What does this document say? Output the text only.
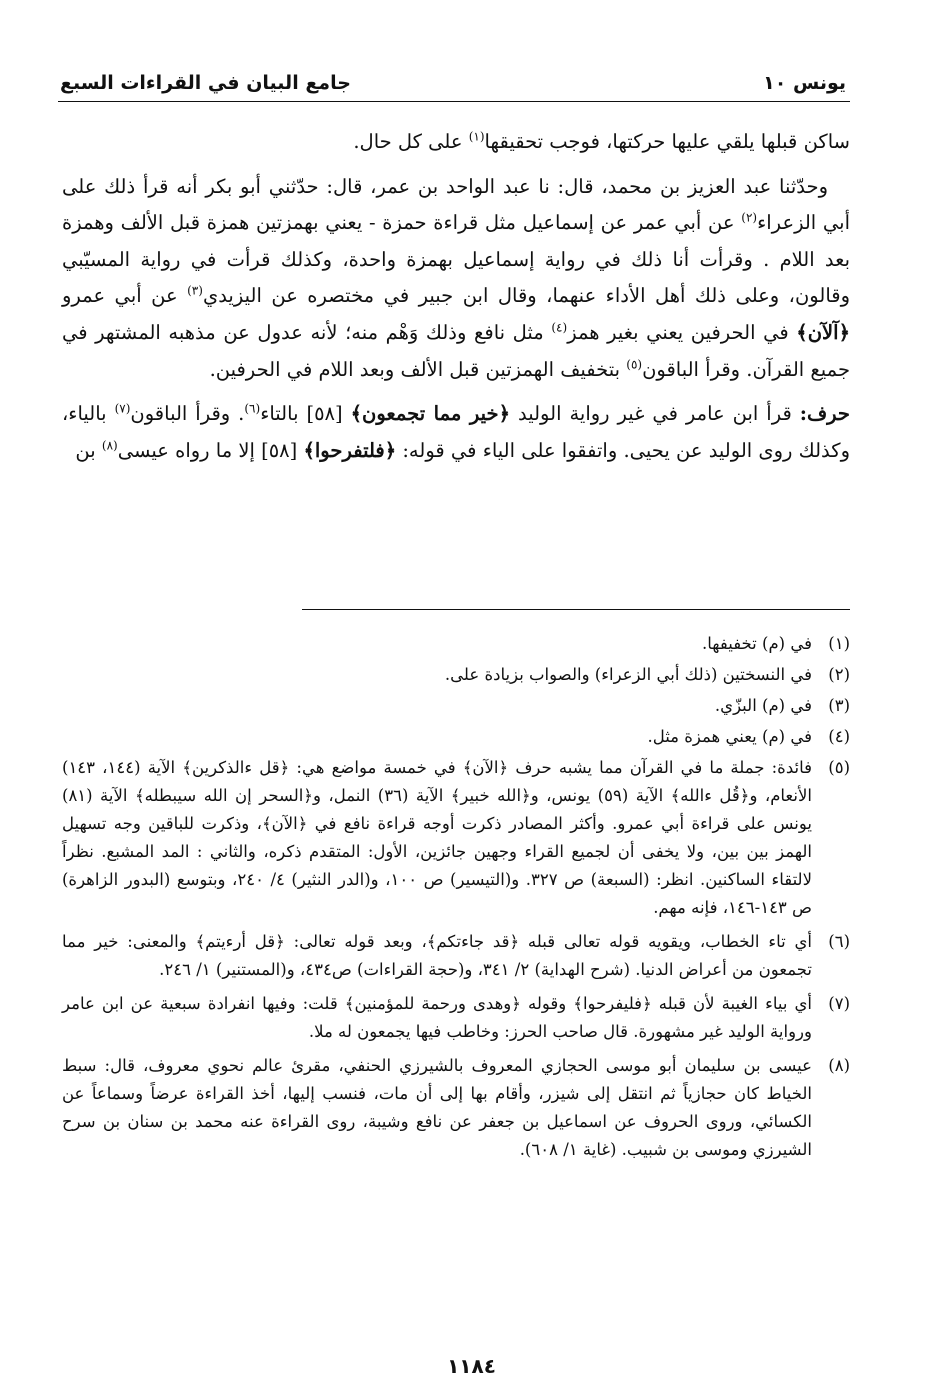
يونس ١٠
جامع البيان في القراءات السبع

ساكن قبلها يلقي عليها حركتها، فوجب تحقيقها$^{(١)}$ على كل حال.

وحدّثنا عبد العزيز بن محمد، قال: نا عبد الواحد بن عمر، قال: حدّثني أبو بكر أنه قرأ ذلك على أبي الزعراء$^{(٢)}$ عن أبي عمر عن إسماعيل مثل قراءة حمزة - يعني بهمزتين همزة قبل الألف وهمزة بعد اللام . وقرأت أنا ذلك في رواية إسماعيل بهمزة واحدة، وكذلك قرأت في رواية المسيّبي وقالون، وعلى ذلك أهل الأداء عنهما، وقال ابن جبير في مختصره عن اليزيدي$^{(٣)}$ عن أبي عمرو ﴿آلآن﴾ في الحرفين يعني بغير همز$^{(٤)}$ مثل نافع وذلك وَهْم منه؛ لأنه عدول عن مذهبه المشتهر في جميع القرآن. وقرأ الباقون$^{(٥)}$ بتخفيف الهمزتين قبل الألف وبعد اللام في الحرفين.

حرف: قرأ ابن عامر في غير رواية الوليد ﴿خير مما تجمعون﴾ [٥٨] بالتاء$^{(٦)}$. وقرأ الباقون$^{(٧)}$ بالياء، وكذلك روى الوليد عن يحيى. واتفقوا على الياء في قوله: ﴿فلتفرحوا﴾ [٥٨] إلا ما رواه عيسى$^{(٨)}$ بن

(١)
في (م) تخفيفها.
(٢)
في النسختين (ذلك أبي الزعراء) والصواب بزيادة على.
(٣)
في (م) البزّي.
(٤)
في (م) يعني همزة مثل.
(٥)
فائدة: جملة ما في القرآن مما يشبه حرف ﴿الآن﴾ في خمسة مواضع هي: ﴿قل ءالذكرين﴾ الآية (١٤٤، ١٤٣) الأنعام، و﴿قُل ءالله﴾ الآية (٥٩) يونس، و﴿الله خبير﴾ الآية (٣٦) النمل، و﴿السحر إن الله سيبطله﴾ الآية (٨١) يونس على قراءة أبي عمرو. وأكثر المصادر ذكرت أوجه قراءة نافع في ﴿الآن﴾، وذكرت للباقين وجه تسهيل الهمز بين بين، ولا يخفى أن لجميع القراء وجهين جائزين، الأول: المتقدم ذكره، والثاني : المد المشبع. نظراً لالتقاء الساكنين. انظر: (السبعة) ص ٣٢٧. و(التيسير) ص ١٠٠، و(الدر النثير) ٤/ ٢٤٠، وبتوسع (البدور الزاهرة) ص ١٤٣-١٤٦، فإنه مهم.
(٦)
أي تاء الخطاب، ويقويه قوله تعالى قبله ﴿قد جاءتكم﴾، وبعد قوله تعالى: ﴿قل أرءيتم﴾ والمعنى: خير مما تجمعون من أعراض الدنيا. (شرح الهداية) ٢/ ٣٤١، و(حجة القراءات) ص٤٣٤، و(المستنير) ١/ ٢٤٦.
(٧)
أي بياء الغيبة لأن قبله ﴿فليفرحوا﴾ وقوله ﴿وهدى ورحمة للمؤمنين﴾ قلت: وفيها انفرادة سبعية عن ابن عامر ورواية الوليد غير مشهورة. قال صاحب الحرز: وخاطب فيها يجمعون له ملا.
(٨)
عيسى بن سليمان أبو موسى الحجازي المعروف بالشيرزي الحنفي، مقرئ عالم نحوي معروف، قال: سبط الخياط كان حجازياً ثم انتقل إلى شيزر، وأقام بها إلى أن مات، فنسب إليها، أخذ القراءة عرضاً وسماعاً عن الكسائي، وروى الحروف عن اسماعيل بن جعفر عن نافع وشيبة، روى القراءة عنه محمد بن سنان بن سرح الشيرزي وموسى بن شبيب. (غاية ١/ ٦٠٨).
١١٨٤
